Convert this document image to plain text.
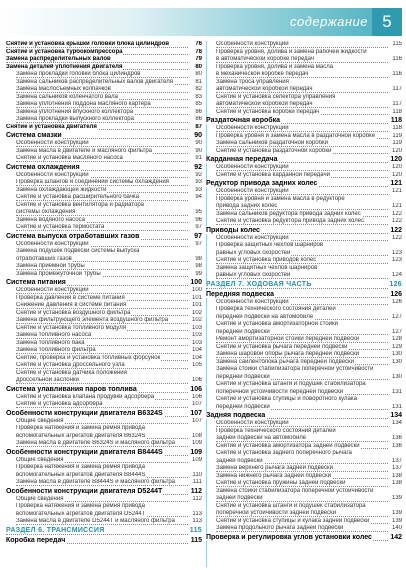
содержание 5
Снятие и установка крышки головки блока цилиндров	76
Снятие и установка турбокомпрессора	78
Замена распределительных валов	79
Замена деталей уплотнения двигателя	80
Замена прокладки головки блока цилиндров	80
Замена сальников распределительных валов двигателя	81
Замена маслосъемных колпачков	82
Замена сальников коленчатого вала	83
Замена уплотнения поддона масляного картера	85
Замена уплотнения впускного коллектора	86
Замена прокладки выпускного коллектора	86
Снятие и установка двигателя	87
Система смазки	90
Особенности конструкции	90
Замена масла в двигателе и масляного фильтра	90
Снятие и установка масляного насоса	91
Система охлаждения	92
Особенности конструкции	92
Проверка шлангов и соединений системы охлаждения	93
Замена охлаждающей жидкости	93
Снятие и установка расширительного бачка	94
Снятие и установка вентилятора и радиатора
системы охлаждения	95
Замена водяного насоса	96
Снятие и установка термостата	97
Система выпуска отработавших газов	97
Особенности конструкции	97
Замена подушек подвески системы выпуска
отработавших газов	98
Замена приемной трубы	98
Замена промежуточной трубы	99
Система питания	100
Особенности конструкции	100
Проверка давления в системе питания	101
Снижение давления в системе питания	101
Снятие и установка воздушного фильтра	102
Замена фильтрующего элемента воздушного фильтра	102
Снятие и установка топливного модуля	103
Замена топливного насоса	103
Замена топливного бака	103
Замена топливного фильтра	104
Снятие, проверка и установка топливных форсунок	104
Снятие и установка дроссельного узла	105
Снятие и установка датчика положения
дроссельной заслонки	106
Система улавливания паров топлива	106
Снятие и установка клапана продувки адсорбера	106
Снятие и установка адсорбера	107
Особенности конструкции двигателя B6324S	107
Общие сведения	107
Проверка натяжения и замена ремня привода
вспомогательных агрегатов двигателя B6324S	108
Замена масла в двигателе B6324S и масляного фильтра	109
Особенности конструкции двигателя B8444S	109
Общие сведения	109
Проверка натяжения и замена ремня привода
вспомогательных агрегатов двигателя B8444S	110
Замена масла в двигателе B8444S и масляного фильтра	111
Особенности конструкции двигателя D5244T	112
Общие сведения	112
Проверка натяжения и замена ремня привода
вспомогательных агрегатов двигателя D5244T	113
Замена масла в двигателе D5244T и масляного фильтра	113
РАЗДЕЛ 6. ТРАНСМИССИЯ	115
Коробка передач	115
Особенности конструкции	115
Проверка уровня, долива и замена рабочей жидкости
в автоматической коробке передач	116
Проверка уровня, долива и замена масла
в механической коробке передач	116
Замена троса управления
автоматической коробкой передач	117
Снятие и установка селектора управления
автоматической коробкой передач	117
Снятие и установка коробки передач	118
Раздаточная коробка	118
Особенности конструкции	118
Проверка уровня и замена масла в раздаточной коробке	119
Замена сальников раздаточной коробки	119
Снятие и установка раздаточной коробки	120
Карданная передача	120
Особенности конструкции	120
Снятие и установка карданной передачи	120
Редуктор привода задних колес	121
Особенности конструкции	121
Проверка уровня и замена масла в редукторе
привода задних колес	121
Замена сальников редуктора привода задних колес	122
Снятие и установка редуктора привода задних колес	122
Приводы колес	122
Особенности конструкции	122
Проверка защитных чехлов шарниров
равных угловых скоростей	123
Снятие и установка приводов колес	123
Замена защитных чехлов шарниров
равных угловых скоростей	124
РАЗДЕЛ 7. ХОДОВАЯ ЧАСТЬ	126
Передняя подвеска	126
Особенности конструкции	126
Проверка технического состояния деталей
передней подвески на автомобиле	127
Снятие и установка амортизаторной стойки
передней подвески	127
Ремонт амортизаторной стойки передней подвески	128
Снятие и установка рычага передней подвески	129
Замена шаровой опоры рычага передней подвески	130
Замена сайлентблока рычага передней подвески	130
Замена стойки стабилизатора поперечной устойчивости
передней подвески	130
Снятие и установка штанги и подушек стабилизатора
поперечной устойчивости передней подвески	131
Снятие и установка ступицы и поворотного кулака
передней подвески	131
Задняя подвеска	134
Особенности конструкции	134
Проверка технического состояния деталей
задней подвески на автомобиле	136
Снятие и установка амортизатора задней подвески	136
Снятие и установка заднего поперечного рычага
задней подвески	137
Замена верхнего рычага задней подвески	137
Замена нижнего рычага задней подвески	138
Снятие и установка пружины задней подвески	138
Замена стойки стабилизатора поперечной устойчивости
задней подвески	139
Снятие и установка штанги и подушек стабилизатора
поперечной устойчивости задней подвески	139
Снятие и установка ступицы и кулака задней подвески	139
Замена продольного рычага задней подвески	140
Проверка и регулировка углов установки колес	142
